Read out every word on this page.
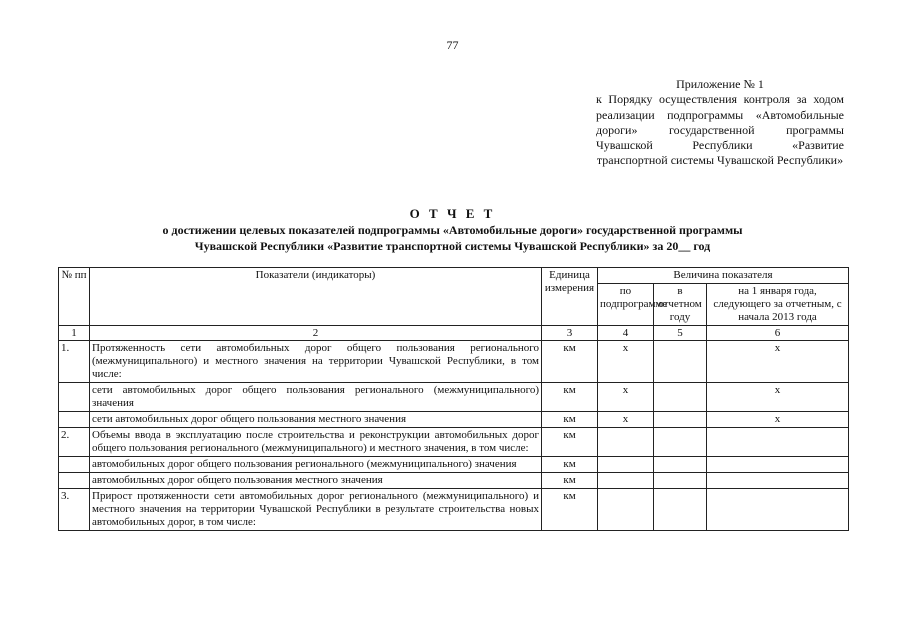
77
Приложение № 1
к Порядку осуществления контроля за ходом реализации подпрограммы «Автомобильные дороги» государственной программы Чувашской Республики «Развитие транспортной системы Чувашской Республики»
О Т Ч Е Т
о достижении целевых показателей подпрограммы «Автомобильные дороги» государственной программы
Чувашской Республики «Развитие транспортной системы Чувашской Республики» за 20__ год
№ пп	Показатели (индикаторы)	Единица измерения	Величина показателя		
			по подпрограмме	в отчетном году	на 1 января года, следующего за отчетным, с начала 2013 года
1	2	3	4	5	6
1.	Протяженность сети автомобильных дорог общего пользования регионального (межмуниципального) и местного значения на территории Чувашской Республики, в том числе:	км	х		х
	сети автомобильных дорог общего пользования регионального (межмуниципального) значения	км	х		х
	сети автомобильных дорог общего пользования местного значения	км	х		х
2.	Объемы ввода в эксплуатацию после строительства и реконструкции автомобильных дорог общего пользования регионального (межмуниципального) и местного значения, в том числе:	км			
	автомобильных дорог общего пользования регионального (межмуниципального) значения	км			
	автомобильных дорог общего пользования местного значения	км			
3.	Прирост протяженности сети автомобильных дорог регионального (межмуниципального) и местного значения на территории Чувашской Республики в результате строительства новых автомобильных дорог, в том числе:	км			
